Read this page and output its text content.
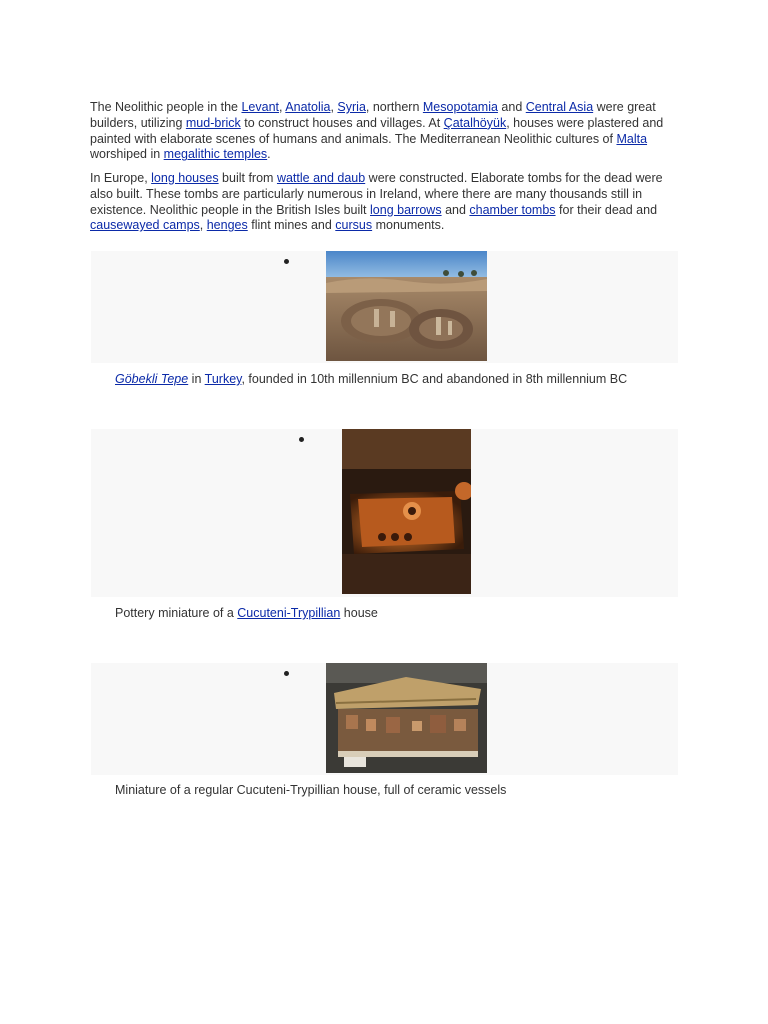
The Neolithic people in the Levant, Anatolia, Syria, northern Mesopotamia and Central Asia were great builders, utilizing mud-brick to construct houses and villages. At Çatalhöyük, houses were plastered and painted with elaborate scenes of humans and animals. The Mediterranean Neolithic cultures of Malta worshiped in megalithic temples.

In Europe, long houses built from wattle and daub were constructed. Elaborate tombs for the dead were also built. These tombs are particularly numerous in Ireland, where there are many thousands still in existence. Neolithic people in the British Isles built long barrows and chamber tombs for their dead and causewayed camps, henges flint mines and cursus monuments.

Göbekli Tepe in Turkey, founded in 10th millennium BC and abandoned in 8th millennium BC
Pottery miniature of a Cucuteni-Trypillian house
Miniature of a regular Cucuteni-Trypillian house, full of ceramic vessels
